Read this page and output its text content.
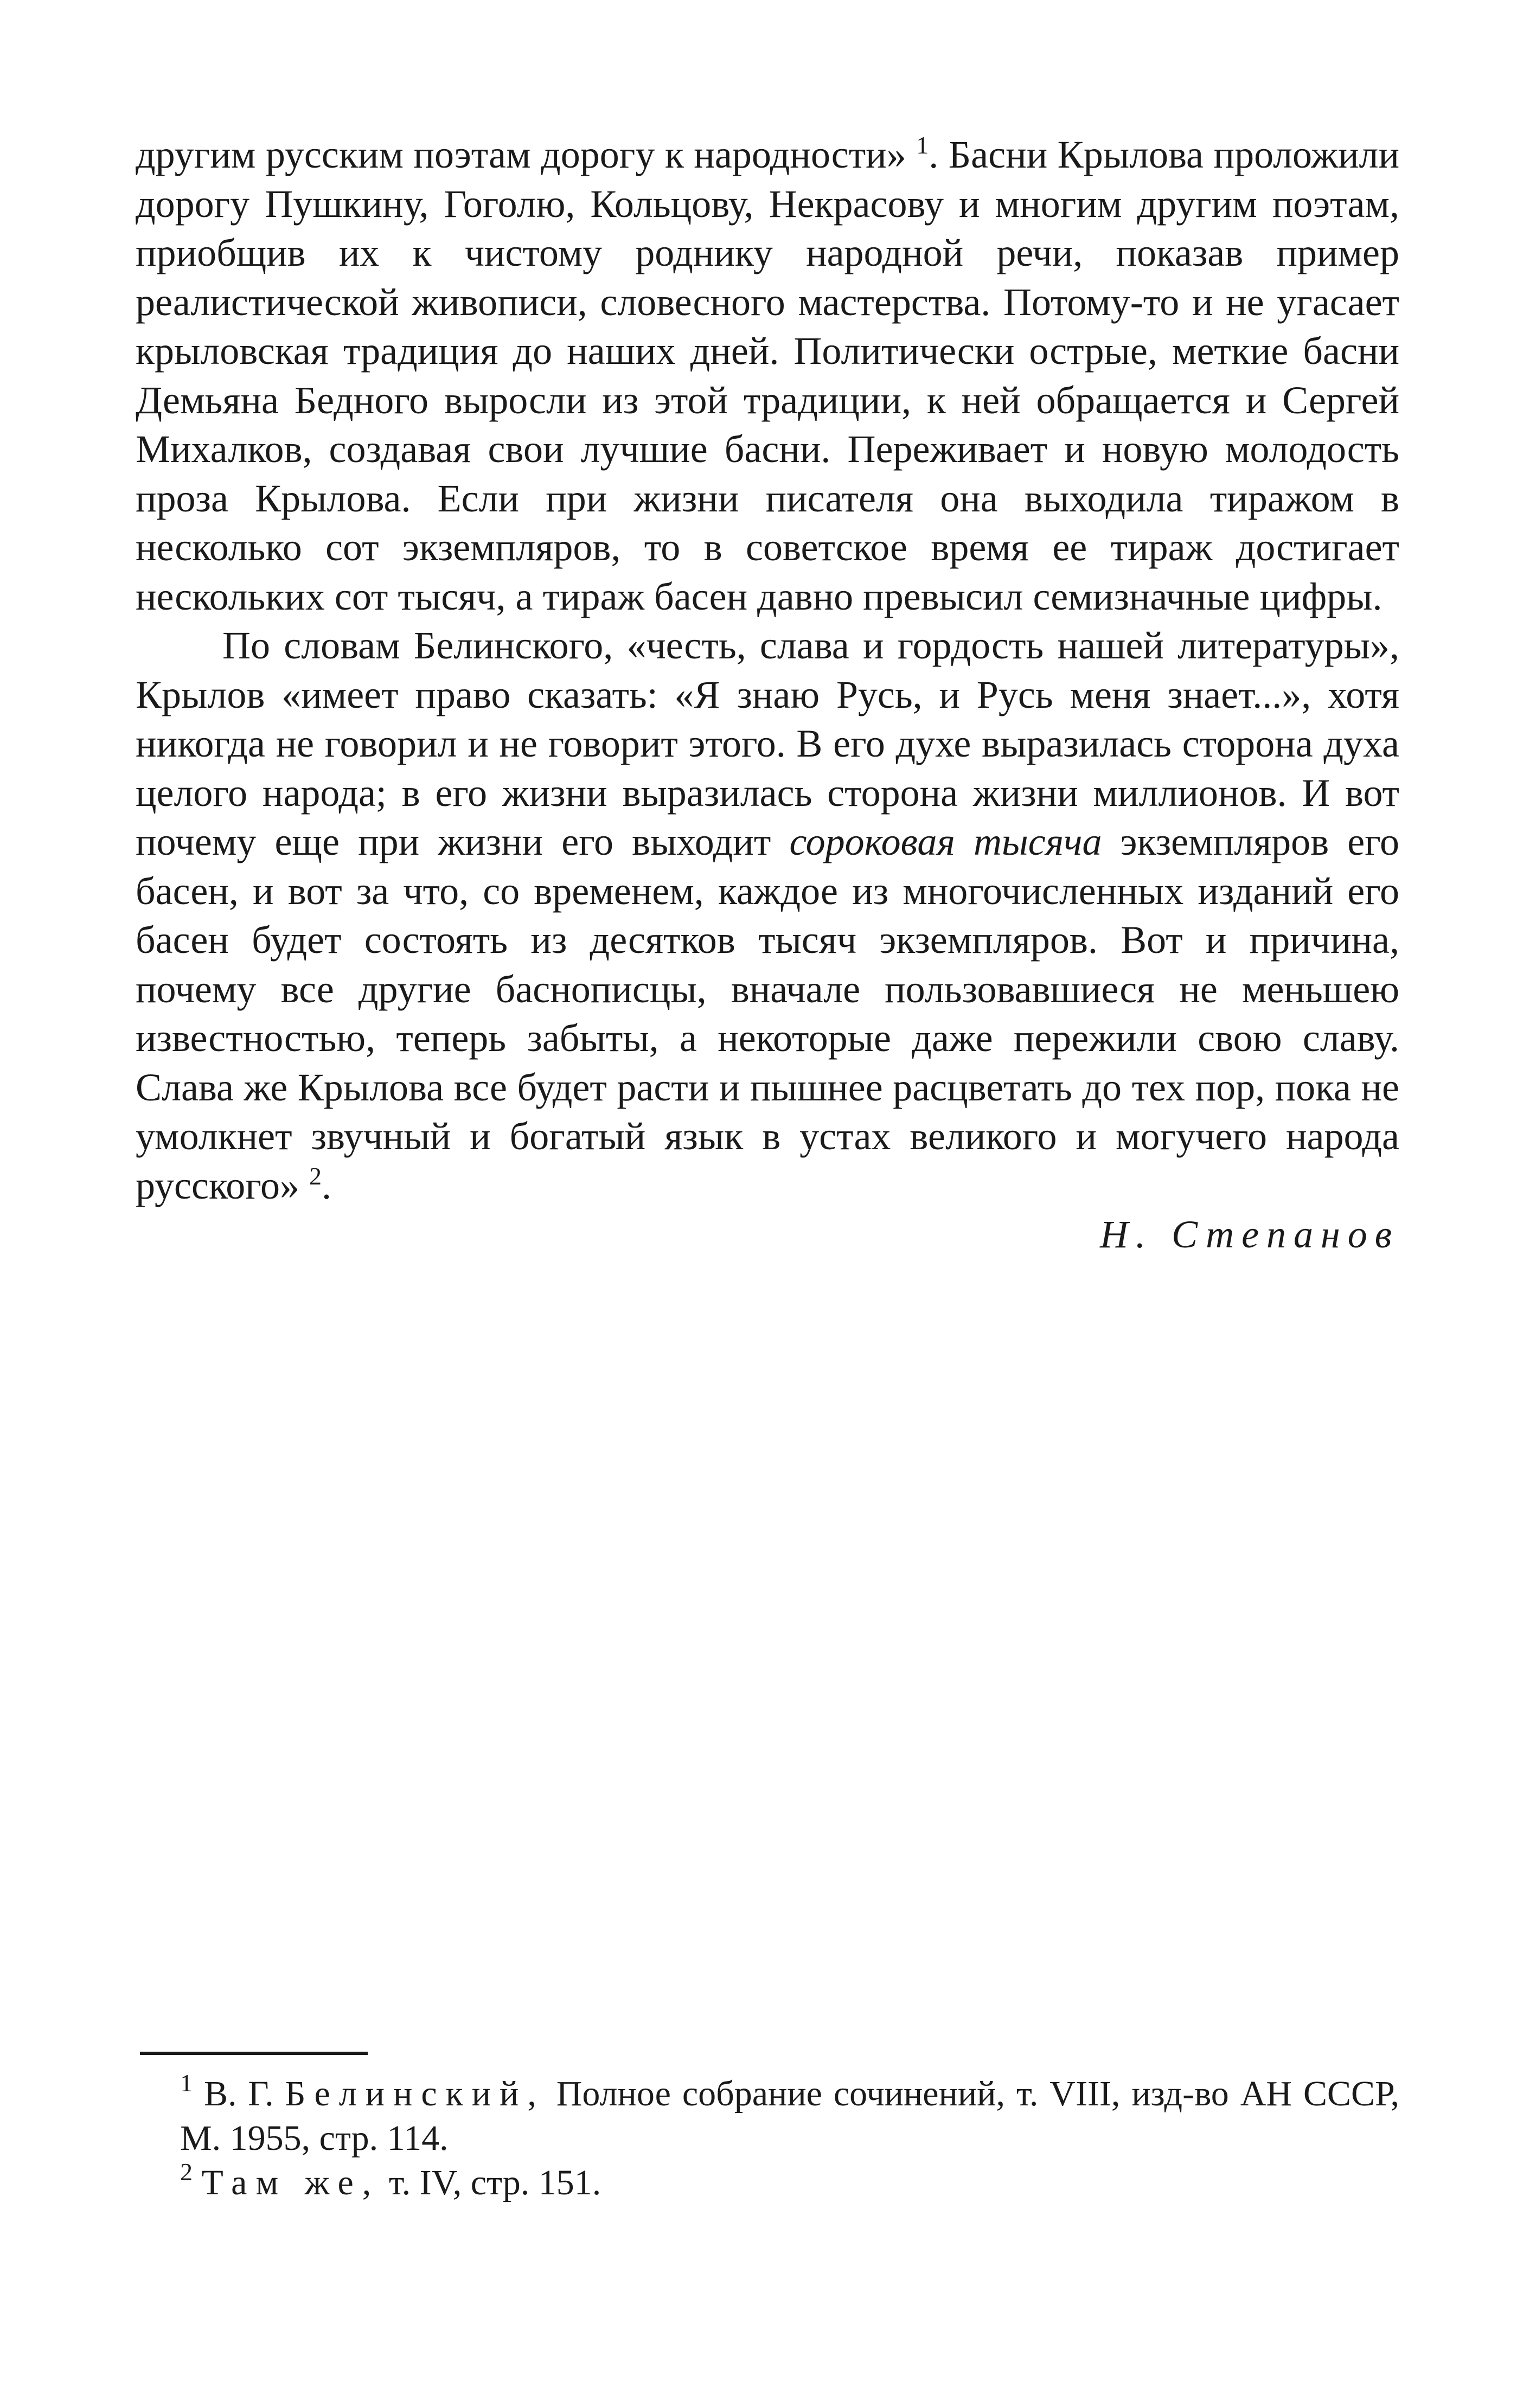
другим русским поэтам дорогу к народности» $^1$. Басни Крылова проложили дорогу Пушкину, Гоголю, Кольцову, Некрасову и многим другим поэтам, приобщив их к чистому роднику народной речи, показав пример реалистической живописи, словесного мастерства. Потому-то и не угасает крыловская традиция до наших дней. Политически острые, меткие басни Демьяна Бедного выросли из этой традиции, к ней обращается и Сергей Михалков, создавая свои лучшие басни. Переживает и новую молодость проза Крылова. Если при жизни писателя она выходила тиражом в несколько сот экземпляров, то в советское время ее тираж достигает нескольких сот тысяч, а тираж басен давно превысил семизначные цифры.

По словам Белинского, «честь, слава и гордость нашей литературы», Крылов «имеет право сказать: «Я знаю Русь, и Русь меня знает...», хотя никогда не говорил и не говорит этого. В его духе выразилась сторона духа целого народа; в его жизни выразилась сторона жизни миллионов. И вот почему еще при жизни его выходит сороковая тысяча экземпляров его басен, и вот за что, со временем, каждое из многочисленных изданий его басен будет состоять из десятков тысяч экземпляров. Вот и причина, почему все другие баснописцы, вначале пользовавшиеся не меньшею известностью, теперь забыты, а некоторые даже пережили свою славу. Слава же Крылова все будет расти и пышнее расцветать до тех пор, пока не умолкнет звучный и богатый язык в устах великого и могучего народа русского» $^2$.

Н. Степанов

$^1$ В. Г. Белинский, Полное собрание сочинений, т. VIII, изд-во АН СССР, М. 1955, стр. 114.

$^2$ Там же, т. IV, стр. 151.
